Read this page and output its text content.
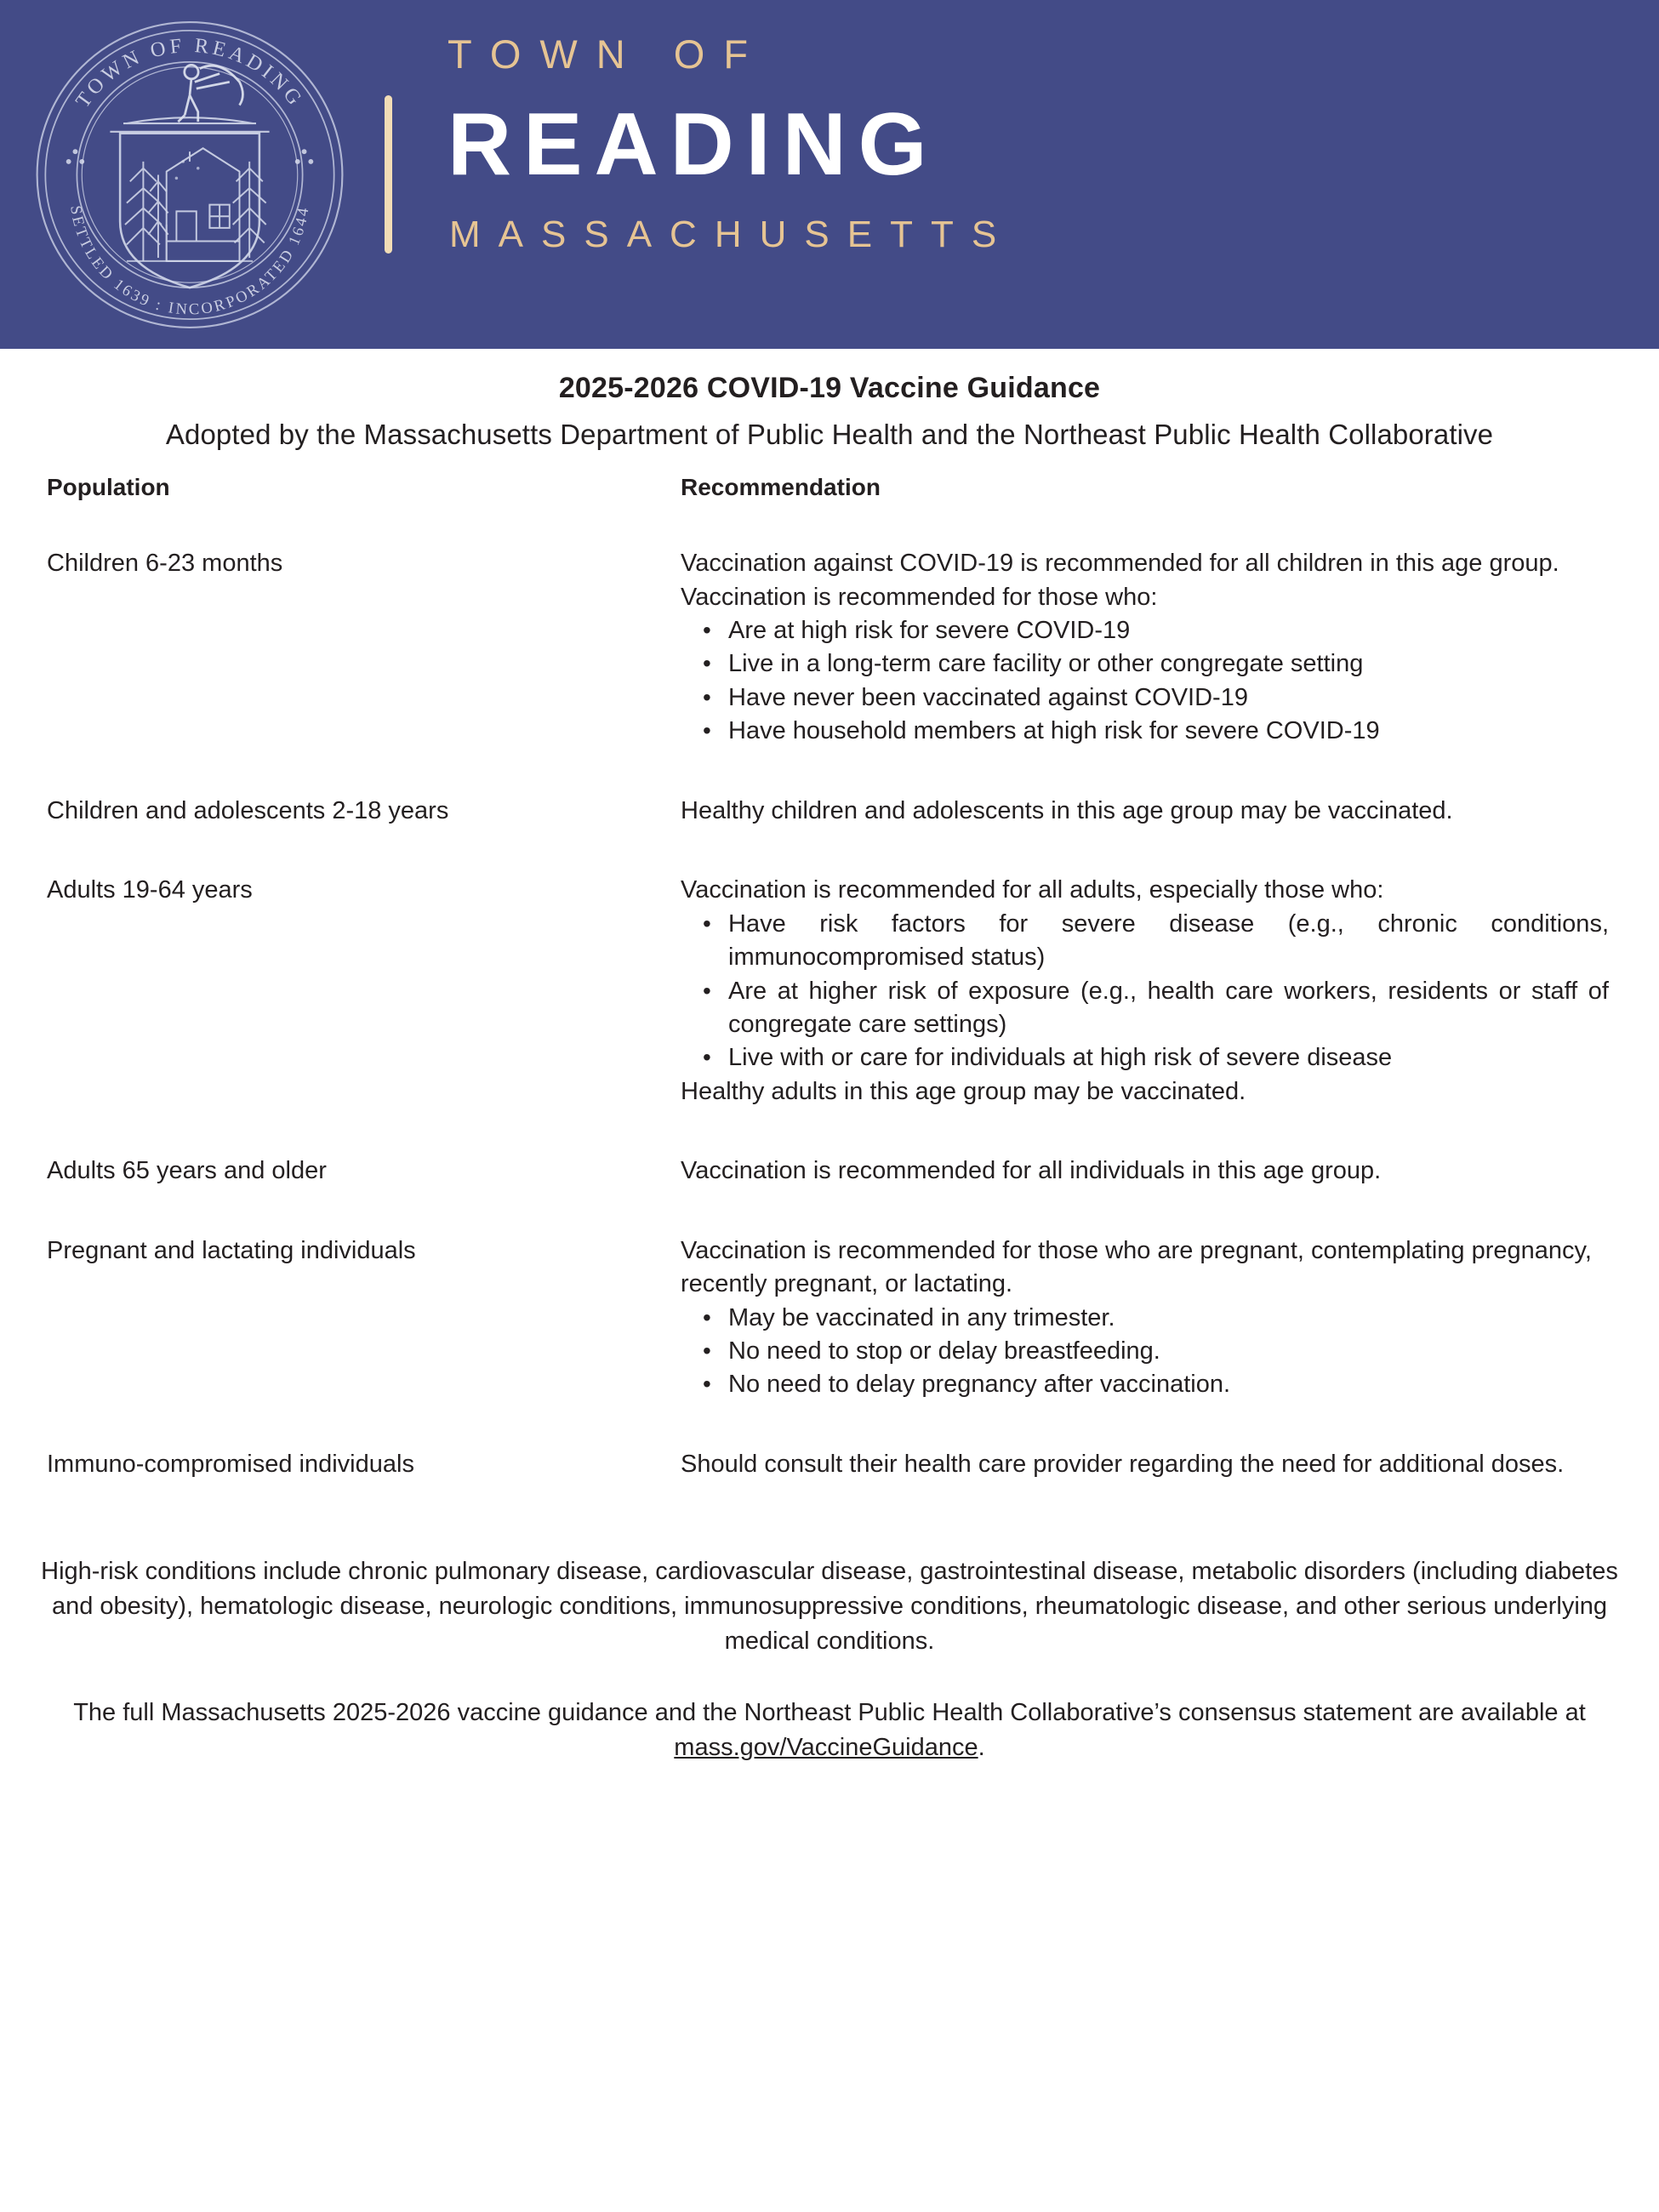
TOWN OF READING
SETTLED 1639 : INCORPORATED 1644
TOWN OF
READING
MASSACHUSETTS
2025-2026 COVID-19 Vaccine Guidance
Adopted by the Massachusetts Department of Public Health and the Northeast Public Health Collaborative
Population	Recommendation
Children 6-23 months	Vaccination against COVID-19 is recommended for all children in this age group.

Vaccination is recommended for those who:

• Are at high risk for severe COVID-19
• Live in a long-term care facility or other congregate setting
• Have never been vaccinated against COVID-19
• Have household members at high risk for severe COVID-19
Children and adolescents 2-18 years	Healthy children and adolescents in this age group may be vaccinated.

Adults 19-64 years	Vaccination is recommended for all adults, especially those who:

• Have risk factors for severe disease (e.g., chronic conditions, immunocompromised status)
• Are at higher risk of exposure (e.g., health care workers, residents or staff of congregate care settings)
• Live with or care for individuals at high risk of severe disease

Healthy adults in this age group may be vaccinated.

Adults 65 years and older	Vaccination is recommended for all individuals in this age group.

Pregnant and lactating individuals	Vaccination is recommended for those who are pregnant, contemplating pregnancy, recently pregnant, or lactating.

• May be vaccinated in any trimester.
• No need to stop or delay breastfeeding.
• No need to delay pregnancy after vaccination.
Immuno-compromised individuals	Should consult their health care provider regarding the need for additional doses.

High-risk conditions include chronic pulmonary disease, cardiovascular disease, gastrointestinal disease, metabolic disorders (including diabetes and obesity), hematologic disease, neurologic conditions, immunosuppressive conditions, rheumatologic disease, and other serious underlying medical conditions.

The full Massachusetts 2025-2026 vaccine guidance and the Northeast Public Health Collaborative’s consensus statement are available at mass.gov/VaccineGuidance.
